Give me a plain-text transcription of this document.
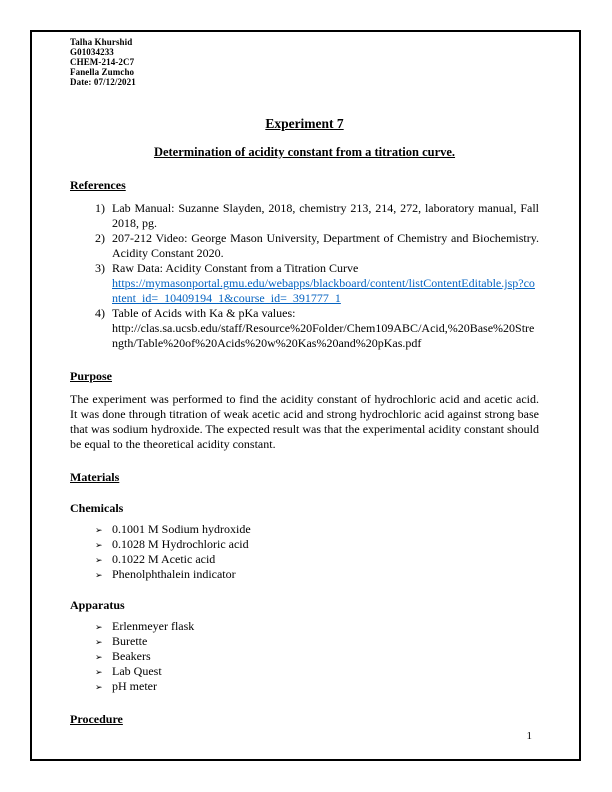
Talha Khurshid
G01034233
CHEM-214-2C7
Fanella Zumcho
Date: 07/12/2021
Experiment 7
Determination of acidity constant from a titration curve.
References
Lab Manual: Suzanne Slayden, 2018, chemistry 213, 214, 272, laboratory manual, Fall 2018, pg.
207-212 Video: George Mason University, Department of Chemistry and Biochemistry. Acidity Constant 2020.
Raw Data: Acidity Constant from a Titration Curve
https://mymasonportal.gmu.edu/webapps/blackboard/content/listContentEditable.jsp?content_id=_10409194_1&course_id=_391777_1
Table of Acids with Ka & pKa values:
http://clas.sa.ucsb.edu/staff/Resource%20Folder/Chem109ABC/Acid,%20Base%20Strength/Table%20of%20Acids%20w%20Kas%20and%20pKas.pdf
Purpose
The experiment was performed to find the acidity constant of hydrochloric acid and acetic acid. It was done through titration of weak acetic acid and strong hydrochloric acid against strong base that was sodium hydroxide. The expected result was that the experimental acidity constant should be equal to the theoretical acidity constant.
Materials
Chemicals
➢ 0.1001 M Sodium hydroxide
➢ 0.1028 M Hydrochloric acid
➢ 0.1022 M Acetic acid
➢ Phenolphthalein indicator
Apparatus
➢ Erlenmeyer flask
➢ Burette
➢ Beakers
➢ Lab Quest
➢ pH meter
Procedure
1
